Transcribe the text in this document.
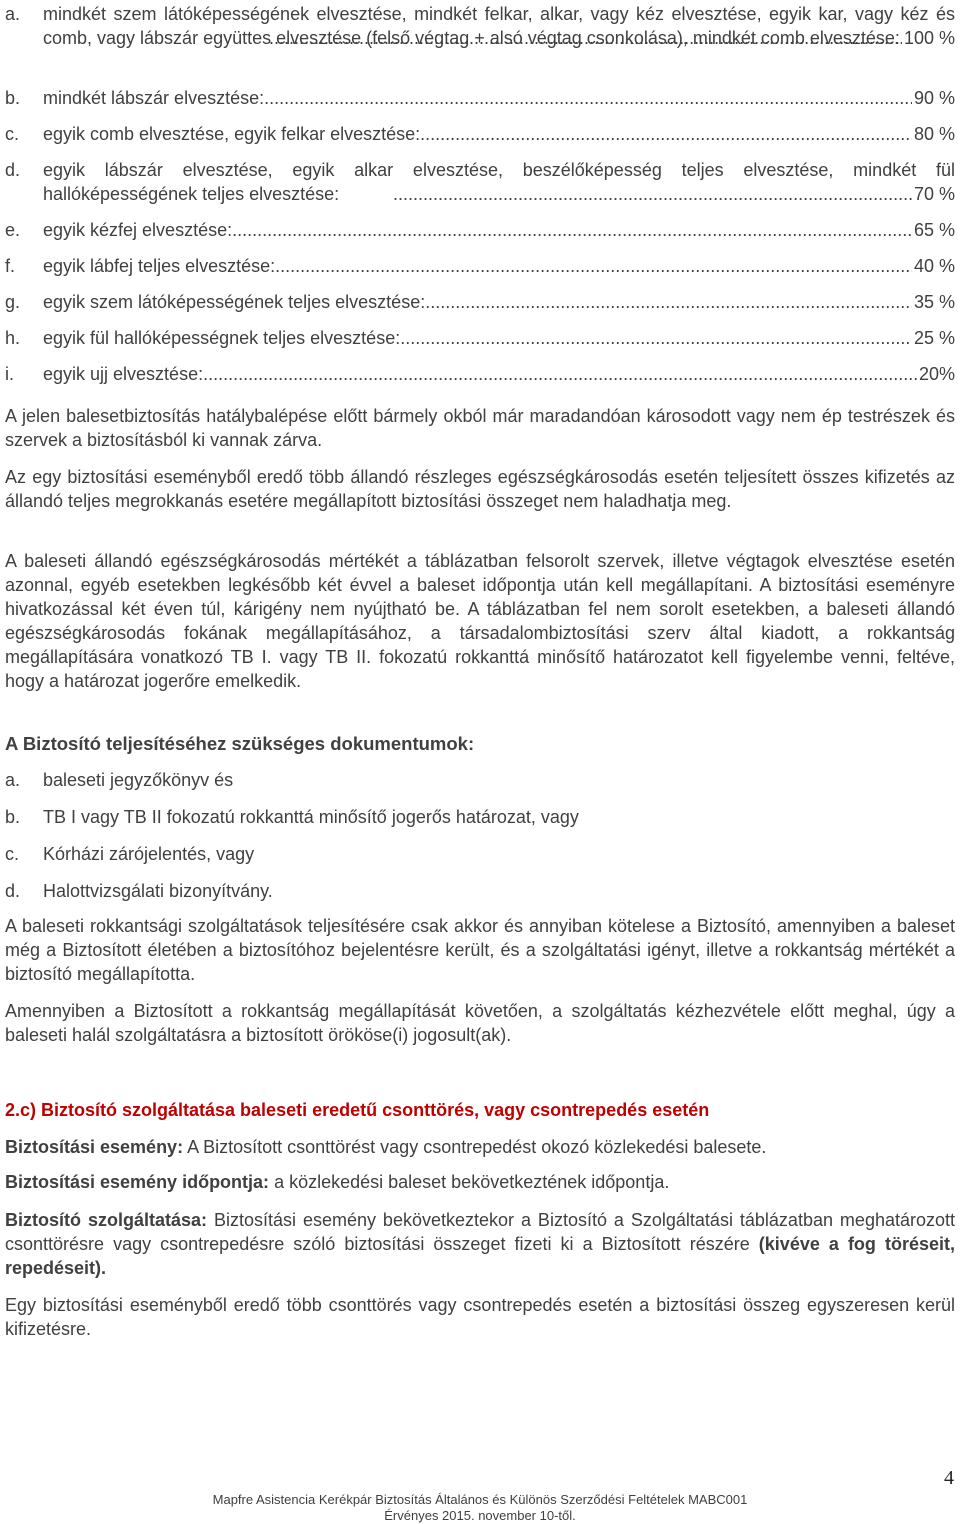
a. mindkét szem látóképességének elvesztése, mindkét felkar, alkar, vagy kéz elvesztése, egyik kar, vagy kéz és comb, vagy lábszár együttes elvesztése (felső végtag + alsó végtag csonkolása), mindkét comb elvesztése: ..... 100 %
b. mindkét lábszár elvesztése: .....	90 %
c. egyik comb elvesztése, egyik felkar elvesztése: .....	80 %
d. egyik lábszár elvesztése, egyik alkar elvesztése, beszélőképesség teljes elvesztése, mindkét fül hallóképességének teljes elvesztése: .....	70 %
e. egyik kézfej elvesztése: .....	65 %
f. egyik lábfej teljes elvesztése: .....	40 %
g. egyik szem látóképességének teljes elvesztése: .....	35 %
h. egyik fül hallóképességnek teljes elvesztése: .....	25 %
i. egyik ujj elvesztése: .....	20%

A jelen balesetbiztosítás hatálybalépése előtt bármely okból már maradandóan károsodott vagy nem ép testrészek és szervek a biztosításból ki vannak zárva.

Az egy biztosítási eseményből eredő több állandó részleges egészségkárosodás esetén teljesített összes kifizetés az állandó teljes megrokkanás esetére megállapított biztosítási összeget nem haladhatja meg.

A baleseti állandó egészségkárosodás mértékét a táblázatban felsorolt szervek, illetve végtagok elvesztése esetén azonnal, egyéb esetekben legkésőbb két évvel a baleset időpontja után kell megállapítani. A biztosítási eseményre hivatkozással két éven túl, kárigény nem nyújtható be. A táblázatban fel nem sorolt esetekben, a baleseti állandó egészségkárosodás fokának megállapításához, a társadalombiztosítási szerv által kiadott, a rokkantság megállapítására vonatkozó TB I. vagy TB II. fokozatú rokkanttá minősítő határozatot kell figyelembe venni, feltéve, hogy a határozat jogerőre emelkedik.

A Biztosító teljesítéséhez szükséges dokumentumok:

a. baleseti jegyzőkönyv és
b. TB I vagy TB II fokozatú rokkanttá minősítő jogerős határozat, vagy
c. Kórházi zárójelentés, vagy
d. Halottvizsgálati bizonyítvány.

A baleseti rokkantsági szolgáltatások teljesítésére csak akkor és annyiban kötelese a Biztosító, amennyiben a baleset még a Biztosított életében a biztosítóhoz bejelentésre került, és a szolgáltatási igényt, illetve a rokkantság mértékét a biztosító megállapította.

Amennyiben a Biztosított a rokkantság megállapítását követően, a szolgáltatás kézhezvétele előtt meghal, úgy a baleseti halál szolgáltatásra a biztosított örököse(i) jogosult(ak).

2.c) Biztosító szolgáltatása baleseti eredetű csonttörés, vagy csontrepedés esetén

Biztosítási esemény: A Biztosított csonttörést vagy csontrepedést okozó közlekedési balesete.

Biztosítási esemény időpontja: a közlekedési baleset bekövetkeztének időpontja.

Biztosító szolgáltatása: Biztosítási esemény bekövetkeztekor a Biztosító a Szolgáltatási táblázatban meghatározott csonttörésre vagy csontrepedésre szóló biztosítási összeget fizeti ki a Biztosított részére (kivéve a fog töréseit, repedéseit).

Egy biztosítási eseményből eredő több csonttörés vagy csontrepedés esetén a biztosítási összeg egyszeresen kerül kifizetésre.

4
Mapfre Asistencia Kerékpár Biztosítás Általános és Különös Szerződési Feltételek MABC001
Érvényes 2015. november 10-től.
